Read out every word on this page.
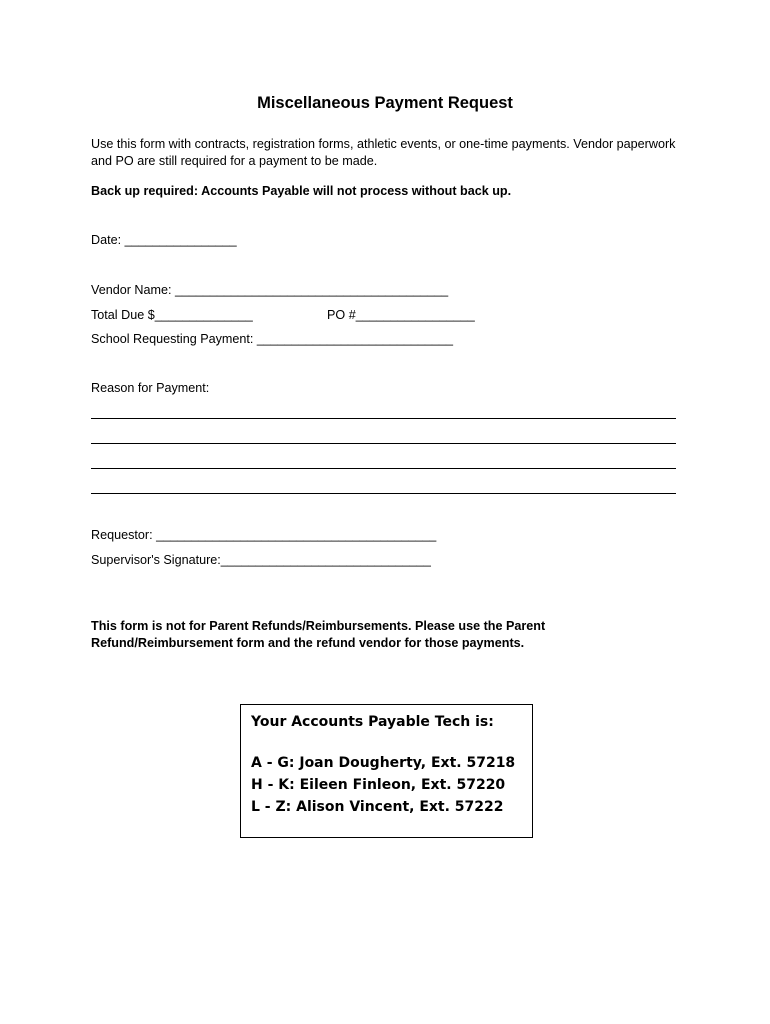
Miscellaneous Payment Request
Use this form with contracts, registration forms, athletic events, or one-time payments. Vendor paperwork and PO are still required for a payment to be made.
Back up required: Accounts Payable will not process without back up.
Date: ________________
Vendor Name: _______________________________________
Total Due $______________	PO #_________________
School Requesting Payment: ____________________________
Reason for Payment:
Requestor: ________________________________________
Supervisor's Signature:______________________________
This form is not for Parent Refunds/Reimbursements. Please use the Parent Refund/Reimbursement form and the refund vendor for those payments.
Your Accounts Payable Tech is:
A - G: Joan Dougherty, Ext. 57218
H - K: Eileen Finleon, Ext. 57220
L - Z: Alison Vincent, Ext. 57222
